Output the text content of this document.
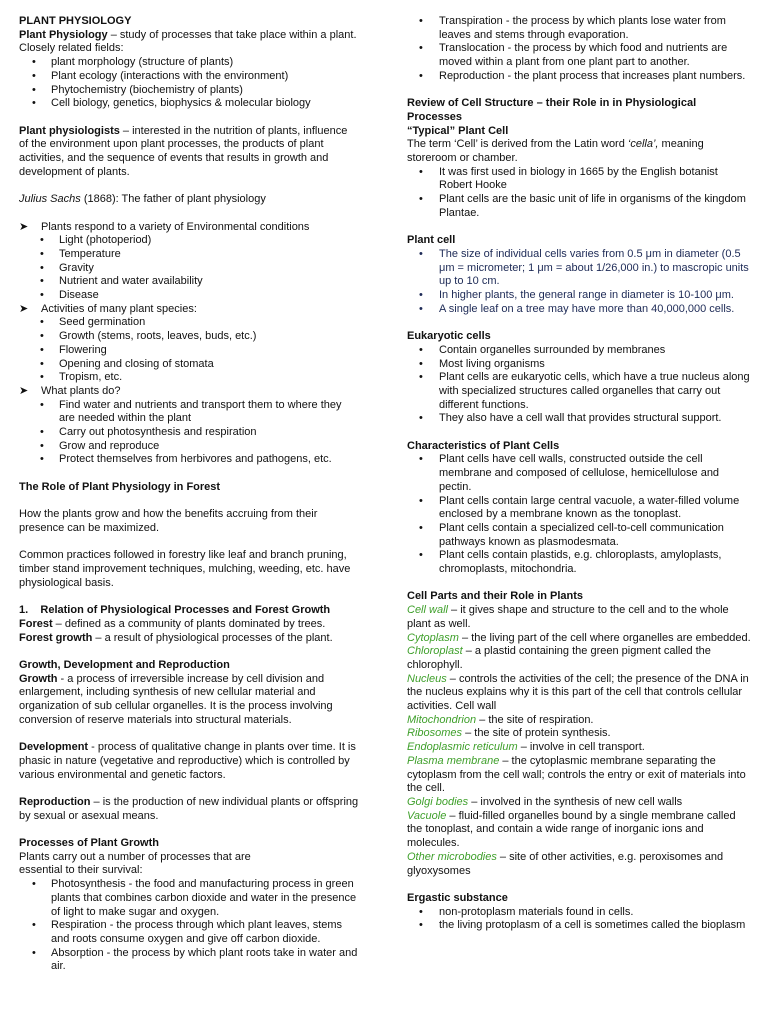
PLANT PHYSIOLOGY

Plant Physiology – study of processes that take place within a plant.

Closely related fields:

• plant morphology (structure of plants)
• Plant ecology (interactions with the environment)
• Phytochemistry (biochemistry of plants)
• Cell biology, genetics, biophysics & molecular biology

Plant physiologists – interested in the nutrition of plants, influence of the environment upon plant processes, the products of plant activities, and the sequence of events that results in growth and development of plants.

Julius Sachs (1868): The father of plant physiology

➤ Plants respond to a variety of Environmental conditions
• Light (photoperiod)
• Temperature
• Gravity
• Nutrient and water availability
• Disease
➤ Activities of many plant species:
• Seed germination
• Growth (stems, roots, leaves, buds, etc.)
• Flowering
• Opening and closing of stomata
• Tropism, etc.
➤ What plants do?
• Find water and nutrients and transport them to where they are needed within the plant
• Carry out photosynthesis and respiration
• Grow and reproduce
• Protect themselves from herbivores and pathogens, etc.

The Role of Plant Physiology in Forest

How the plants grow and how the benefits accruing from their presence can be maximized.

Common practices followed in forestry like leaf and branch pruning, timber stand improvement techniques, mulching, weeding, etc. have physiological basis.

1.    Relation of Physiological Processes and Forest Growth

Forest – defined as a community of plants dominated by trees.

Forest growth – a result of physiological processes of the plant.

Growth, Development and Reproduction

Growth - a process of irreversible increase by cell division and enlargement, including synthesis of new cellular material and organization of sub cellular organelles. It is the process involving conversion of reserve materials into structural materials.

Development - process of qualitative change in plants over time. It is phasic in nature (vegetative and reproductive) which is controlled by various environmental and genetic factors.

Reproduction – is the production of new individual plants or offspring by sexual or asexual means.

Processes of Plant Growth

Plants carry out a number of processes that are essential to their survival:

• Photosynthesis - the food and manufacturing process in green plants that combines carbon dioxide and water in the presence of light to make sugar and oxygen.
• Respiration - the process through which plant leaves, stems and roots consume oxygen and give off carbon dioxide.
• Absorption - the process by which plant roots take in water and air.
• Transpiration - the process by which plants lose water from leaves and stems through evaporation.
• Translocation - the process by which food and nutrients are moved within a plant from one plant part to another.
• Reproduction - the plant process that increases plant numbers.

Review of Cell Structure – their Role in in Physiological Processes

“Typical” Plant Cell

The term ‘Cell’ is derived from the Latin word ‘cella’, meaning storeroom or chamber.

• It was first used in biology in 1665 by the English botanist Robert Hooke
• Plant cells are the basic unit of life in organisms of the kingdom Plantae.

Plant cell

• The size of individual cells varies from 0.5 μm in diameter (0.5 μm = micrometer; 1 μm = about 1/26,000 in.) to mascropic units up to 10 cm.
• In higher plants, the general range in diameter is 10-100 μm.
• A single leaf on a tree may have more than 40,000,000 cells.

Eukaryotic cells

• Contain organelles surrounded by membranes
• Most living organisms
• Plant cells are eukaryotic cells, which have a true nucleus along with specialized structures called organelles that carry out different functions.
• They also have a cell wall that provides structural support.

Characteristics of Plant Cells

• Plant cells have cell walls, constructed outside the cell membrane and composed of cellulose, hemicellulose and pectin.
• Plant cells contain large central vacuole, a water-filled volume enclosed by a membrane known as the tonoplast.
• Plant cells contain a specialized cell-to-cell communication pathways known as plasmodesmata.
• Plant cells contain plastids, e.g. chloroplasts, amyloplasts, chromoplasts, mitochondria.

Cell Parts and their Role in Plants

Cell wall – it gives shape and structure to the cell and to the whole plant as well.

Cytoplasm – the living part of the cell where organelles are embedded.

Chloroplast – a plastid containing the green pigment called the chlorophyll.

Nucleus – controls the activities of the cell; the presence of the DNA in the nucleus explains why it is this part of the cell that controls cellular activities. Cell wall

Mitochondrion – the site of respiration.

Ribosomes – the site of protein synthesis.

Endoplasmic reticulum – involve in cell transport.

Plasma membrane – the cytoplasmic membrane separating the cytoplasm from the cell wall; controls the entry or exit of materials into the cell.

Golgi bodies – involved in the synthesis of new cell walls

Vacuole – fluid-filled organelles bound by a single membrane called the tonoplast, and contain a wide range of inorganic ions and molecules.

Other microbodies – site of other activities, e.g. peroxisomes and glyoxysomes

Ergastic substance

• non-protoplasm materials found in cells.
• the living protoplasm of a cell is sometimes called the bioplasm
